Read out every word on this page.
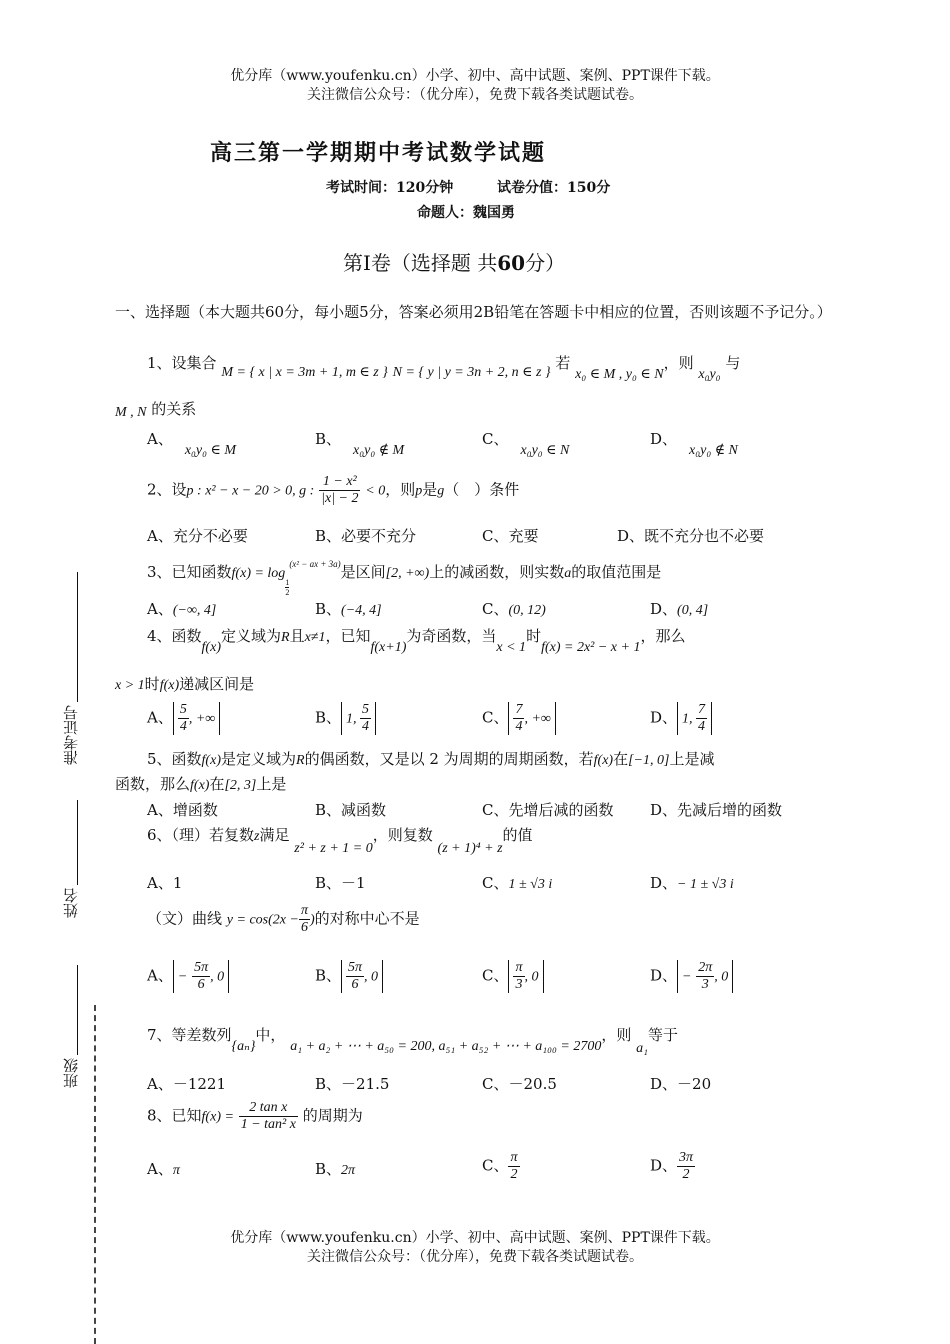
优分库（www.youfenku.cn）小学、初中、高中试题、案例、PPT课件下载。
关注微信公众号：（优分库），免费下载各类试题试卷。
高三第一学期期中考试数学试题
考试时间：120分钟	试卷分值：150分
命题人：魏国勇
第Ⅰ卷（选择题 共60分）
一、选择题（本大题共60分，每小题5分，答案必须用2B铅笔在答题卡中相应的位置，否则该题不予记分。）
准考证号
姓名
班级
1、设集合 M = { x | x = 3m + 1, m ∈ z } N = { y | y = 3n + 2, n ∈ z } 若 x₀ ∈ M , y₀ ∈ N，则 x₀y₀ 与
M , N 的关系
A、x₀y₀ ∈ M
B、x₀y₀ ∉ M
C、x₀y₀ ∈ N
D、x₀y₀ ∉ N
2、设p : x² − x − 20 > 0, g : $\frac{\text{1 − x²}}{|x| - 2} < 0$，则p是g（　）条件
A、充分不必要	B、必要不充分	C、充要	D、既不充分也不必要
3、已知函数f(x) = log
$\frac{1}{2}$
$^{(x^2 - ax + 3a)}$是区间[2, +∞)上的减函数，则实数a的取值范围是
A、(−∞, 4]	B、(−4, 4]	C、(0, 12)	D、(0, 4]
4、函数f(x)定义域为R且x≠1，已知f(x+1)为奇函数，当x < 1时f(x) = 2x² − x + 1，那么
x > 1时f(x)递减区间是
A、 $\frac{5}{4}$ , +∞	B、 1, $\frac{5}{4}$	C、 $\frac{7}{4}$ , +∞	D、 1, $\frac{7}{4}$
5、函数f(x)是定义域为R的偶函数，又是以 2 为周期的周期函数，若f(x)在[−1, 0]上是减
函数，那么f(x)在[2, 3]上是
A、增函数	B、减函数	C、先增后减的函数 D、先减后增的函数
6、（理）若复数z满足 z² + z + 1 = 0，则复数 (z + 1)⁴ + z的值
A、1	B、－1	C、1 ± √3 i	D、− 1 ± √3 i
（文）曲线 $y = \cos(2x - \frac{\pi}{6}$ )的对称中心不是
A、 − $\frac{5\pi}{6}$ , 0	B、 $\frac{5\pi}{6}$ , 0	C、 $\frac{\pi}{3}$ , 0	D、 − $\frac{2\pi}{3}$ , 0
7、等差数列{aₙ}中， a₁ + a₂ + ⋯ + a₅₀ = 200, a₅₁ + a₅₂ + ⋯ + a₁₀₀ = 2700，则 a₁等于
A、－1221	B、－21.5	C、－20.5	D、－20
8、已知$f(x) = \frac{\text{2 tan x}}{\text{1 − tan² x}}$ 的周期为
A、π	B、2π	C、 $\frac{\pi}{2}$	D、 $\frac{3\pi}{2}$
优分库（www.youfenku.cn）小学、初中、高中试题、案例、PPT课件下载。
关注微信公众号：（优分库），免费下载各类试题试卷。
